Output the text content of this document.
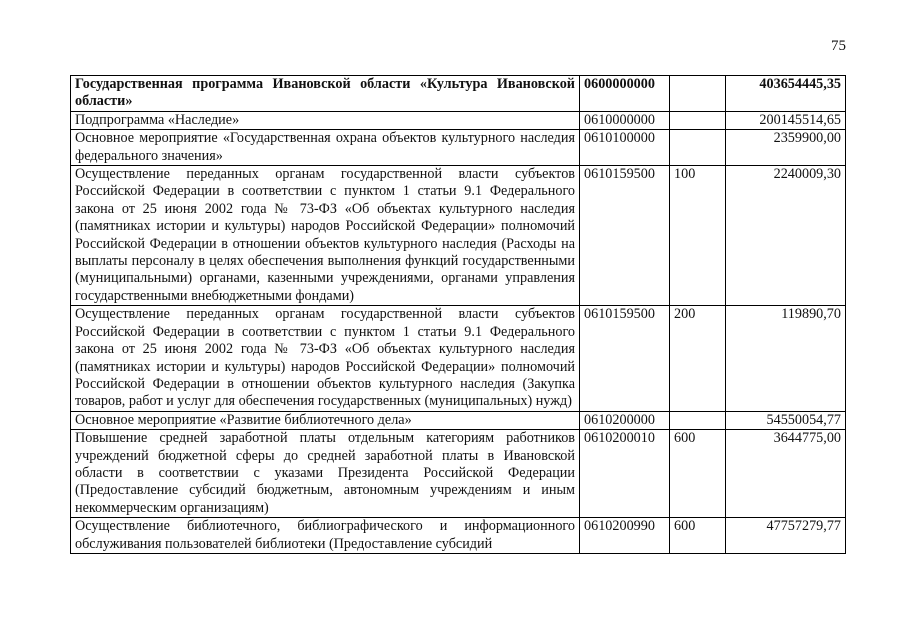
75
Государственная программа Ивановской области «Культура Ивановской области»	0600000000		403654445,35
Подпрограмма «Наследие»	0610000000		200145514,65
Основное мероприятие «Государственная охрана объектов культурного наследия федерального значения»	0610100000		2359900,00
Осуществление переданных органам государственной власти субъектов Российской Федерации в соответствии с пунктом 1 статьи 9.1 Федерального закона от 25 июня 2002 года № 73-ФЗ «Об объектах культурного наследия (памятниках истории и культуры) народов Российской Федерации» полномочий Российской Федерации в отношении объектов культурного наследия (Расходы на выплаты персоналу в целях обеспечения выполнения функций государственными (муниципальными) органами, казенными учреждениями, органами управления государственными внебюджетными фондами)	0610159500	100	2240009,30
Осуществление переданных органам государственной власти субъектов Российской Федерации в соответствии с пунктом 1 статьи 9.1 Федерального закона от 25 июня 2002 года № 73-ФЗ «Об объектах культурного наследия (памятниках истории и культуры) народов Российской Федерации» полномочий Российской Федерации в отношении объектов культурного наследия (Закупка товаров, работ и услуг для обеспечения государственных (муниципальных) нужд)	0610159500	200	119890,70
Основное мероприятие «Развитие библиотечного дела»	0610200000		54550054,77
Повышение средней заработной платы отдельным категориям работников учреждений бюджетной сферы до средней заработной платы в Ивановской области в соответствии с указами Президента Российской Федерации (Предоставление субсидий бюджетным, автономным учреждениям и иным некоммерческим организациям)	0610200010	600	3644775,00
Осуществление библиотечного, библиографического и информационного обслуживания пользователей библиотеки (Предоставление субсидий	0610200990	600	47757279,77
